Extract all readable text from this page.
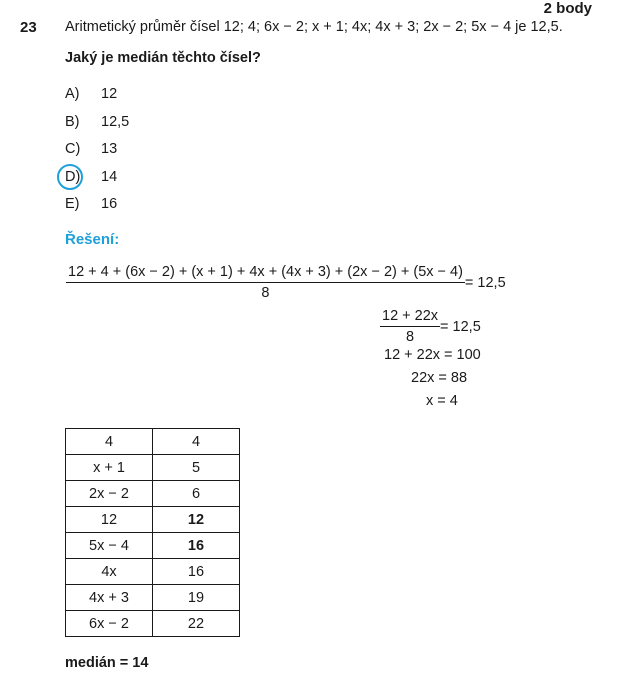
2 body
23 Aritmetický průměr čísel 12; 4; 6x − 2; x + 1; 4x; 4x + 3; 2x − 2; 5x − 4 je 12,5.
Jaký je medián těchto čísel?
A) 12
B) 12,5
C) 13
D) 14
E) 16
Řešení:
12 + 4 + (6x − 2) + (x + 1) + 4x + (4x + 3) + (2x − 2) + (5x − 4)
8
= 12,5
$\frac{12 + 22x}{8} = 12,5$
12 + 22x = 100
22x = 88
x = 4
4	4
x + 1	5
2x − 2	6
12	12
5x − 4	16
4x	16
4x + 3	19
6x − 2	22
medián = 14
